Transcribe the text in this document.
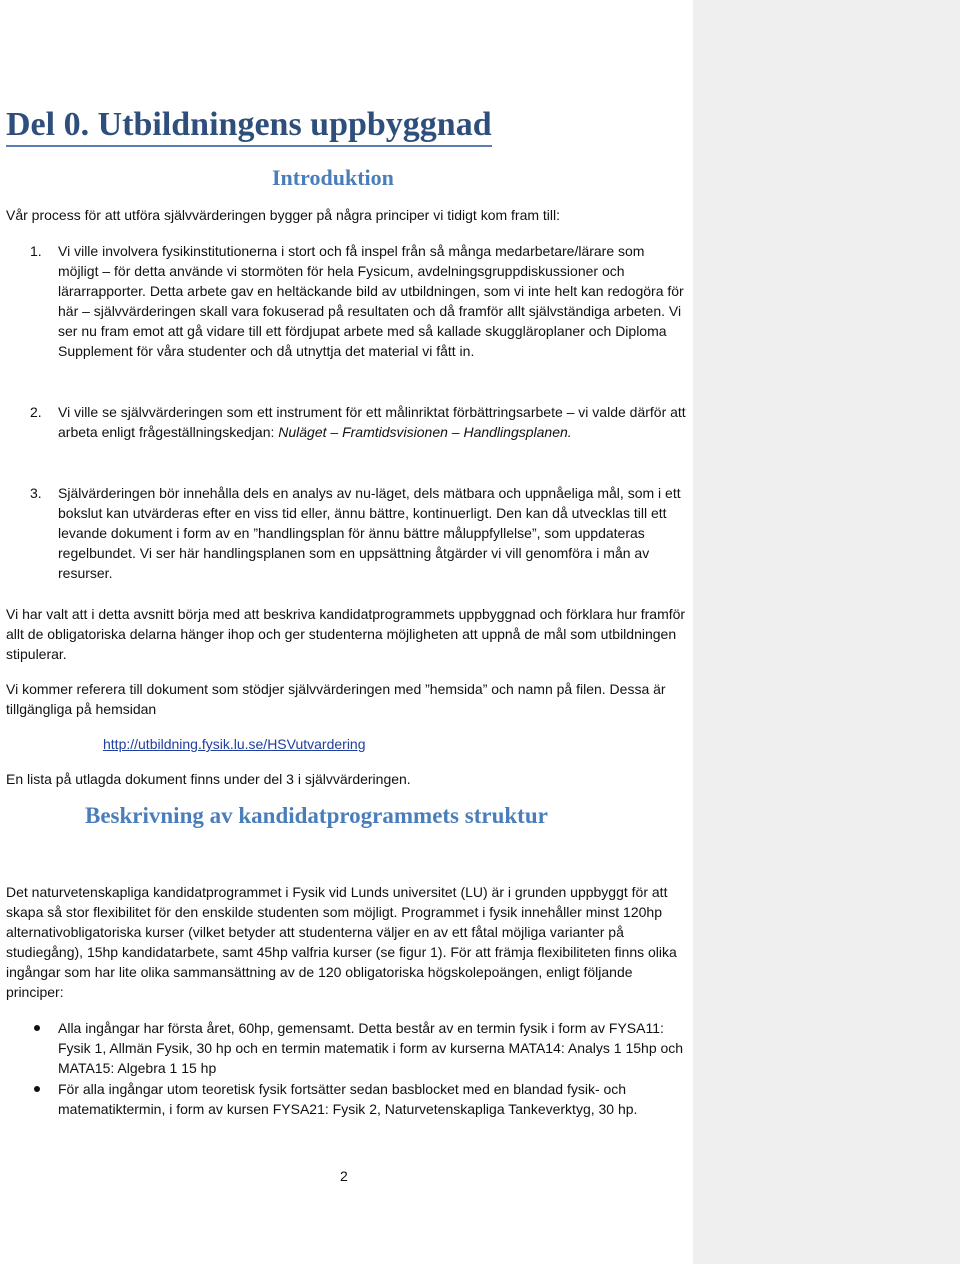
Del 0. Utbildningens uppbyggnad
Introduktion

Vår process för att utföra självvärderingen bygger på några principer vi tidigt kom fram till:

1. Vi ville involvera fysikinstitutionerna i stort och få inspel från så många medarbetare/lärare som möjligt – för detta använde vi stormöten för hela Fysicum, avdelningsgruppdiskussioner och lärarrapporter. Detta arbete gav en heltäckande bild av utbildningen, som vi inte helt kan redogöra för här – självvärderingen skall vara fokuserad på resultaten och då framför allt självständiga arbeten. Vi ser nu fram emot att gå vidare till ett fördjupat arbete med så kallade skuggläroplaner och Diploma Supplement för våra studenter och då utnyttja det material vi fått in.
2. Vi ville se självvärderingen som ett instrument för ett målinriktat förbättringsarbete – vi valde därför att arbeta enligt frågeställningskedjan: Nuläget – Framtidsvisionen – Handlingsplanen.
3. Självärderingen bör innehålla dels en analys av nu-läget, dels mätbara och uppnåeliga mål, som i ett bokslut kan utvärderas efter en viss tid eller, ännu bättre, kontinuerligt. Den kan då utvecklas till ett levande dokument i form av en ”handlingsplan för ännu bättre måluppfyllelse”, som uppdateras regelbundet. Vi ser här handlingsplanen som en uppsättning åtgärder vi vill genomföra i mån av resurser.

Vi har valt att i detta avsnitt börja med att beskriva kandidatprogrammets uppbyggnad och förklara hur framför allt de obligatoriska delarna hänger ihop och ger studenterna möjligheten att uppnå de mål som utbildningen stipulerar.

Vi kommer referera till dokument som stödjer självvärderingen med ”hemsida” och namn på filen. Dessa är tillgängliga på hemsidan

http://utbildning.fysik.lu.se/HSVutvardering

En lista på utlagda dokument finns under del 3 i självvärderingen.

Beskrivning av kandidatprogrammets struktur

Det naturvetenskapliga kandidatprogrammet i Fysik vid Lunds universitet (LU) är i grunden uppbyggt för att skapa så stor flexibilitet för den enskilde studenten som möjligt. Programmet i fysik innehåller minst 120hp alternativobligatoriska kurser (vilket betyder att studenterna väljer en av ett fåtal möjliga varianter på studiegång), 15hp kandidatarbete, samt 45hp valfria kurser (se figur 1). För att främja flexibiliteten finns olika ingångar som har lite olika sammansättning av de 120 obligatoriska högskolepoängen, enligt följande principer:

Alla ingångar har första året, 60hp, gemensamt. Detta består av en termin fysik i form av FYSA11: Fysik 1, Allmän Fysik, 30 hp och en termin matematik i form av kurserna MATA14: Analys 1 15hp och MATA15: Algebra 1 15 hp
För alla ingångar utom teoretisk fysik fortsätter sedan basblocket med en blandad fysik- och matematiktermin, i form av kursen FYSA21: Fysik 2, Naturvetenskapliga Tankeverktyg, 30 hp.
2
